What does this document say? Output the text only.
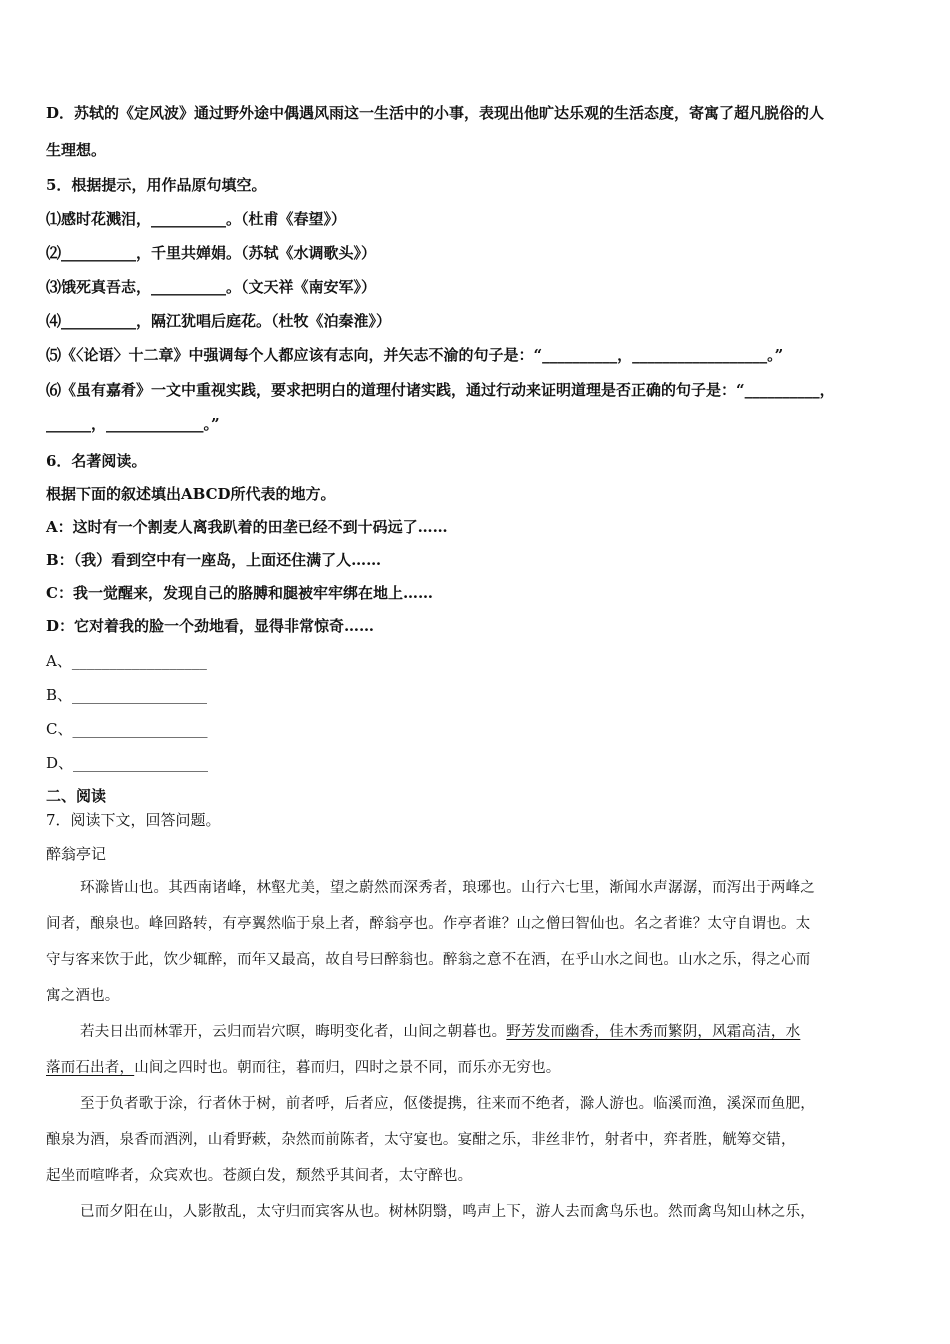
D．苏轼的《定风波》通过野外途中偶遇风雨这一生活中的小事，表现出他旷达乐观的生活态度，寄寓了超凡脱俗的人
生理想。
5．根据提示，用作品原句填空。
⑴感时花溅泪，__________。（杜甫《春望》）
⑵__________，千里共婵娟。（苏轼《水调歌头》）
⑶饿死真吾志，__________。（文天祥《南安军》）
⑷__________，隔江犹唱后庭花。（杜牧《泊秦淮》）
⑸《〈论语〉十二章》中强调每个人都应该有志向，并矢志不渝的句子是：“__________，__________________。”
⑹《虽有嘉肴》一文中重视实践，要求把明白的道理付诸实践，通过行动来证明道理是否正确的句子是：“__________，
______，_____________。”
6．名著阅读。
根据下面的叙述填出ABCD所代表的地方。
A：这时有一个割麦人离我趴着的田垄已经不到十码远了……
B：（我）看到空中有一座岛，上面还住满了人……
C：我一觉醒来，发现自己的胳膊和腿被牢牢绑在地上……
D：它对着我的脸一个劲地看，显得非常惊奇……
A、__________________
B、__________________
C、__________________
D、__________________
二、阅读
7．阅读下文，回答问题。
醉翁亭记
环滁皆山也。其西南诸峰，林壑尤美，望之蔚然而深秀者，琅琊也。山行六七里，渐闻水声潺潺，而泻出于两峰之
间者，酿泉也。峰回路转，有亭翼然临于泉上者，醉翁亭也。作亭者谁？山之僧曰智仙也。名之者谁？太守自谓也。太
守与客来饮于此，饮少辄醉，而年又最高，故自号曰醉翁也。醉翁之意不在酒，在乎山水之间也。山水之乐，得之心而
寓之酒也。
若夫日出而林霏开，云归而岩穴暝，晦明变化者，山间之朝暮也。野芳发而幽香，佳木秀而繁阴，风霜高洁，水
落而石出者，山间之四时也。朝而往，暮而归，四时之景不同，而乐亦无穷也。
至于负者歌于涂，行者休于树，前者呼，后者应，伛偻提携，往来而不绝者，滁人游也。临溪而渔，溪深而鱼肥，
酿泉为酒，泉香而酒洌，山肴野蔌，杂然而前陈者，太守宴也。宴酣之乐，非丝非竹，射者中，弈者胜，觥筹交错，
起坐而喧哗者，众宾欢也。苍颜白发，颓然乎其间者，太守醉也。
已而夕阳在山，人影散乱，太守归而宾客从也。树林阴翳，鸣声上下，游人去而禽鸟乐也。然而禽鸟知山林之乐，
